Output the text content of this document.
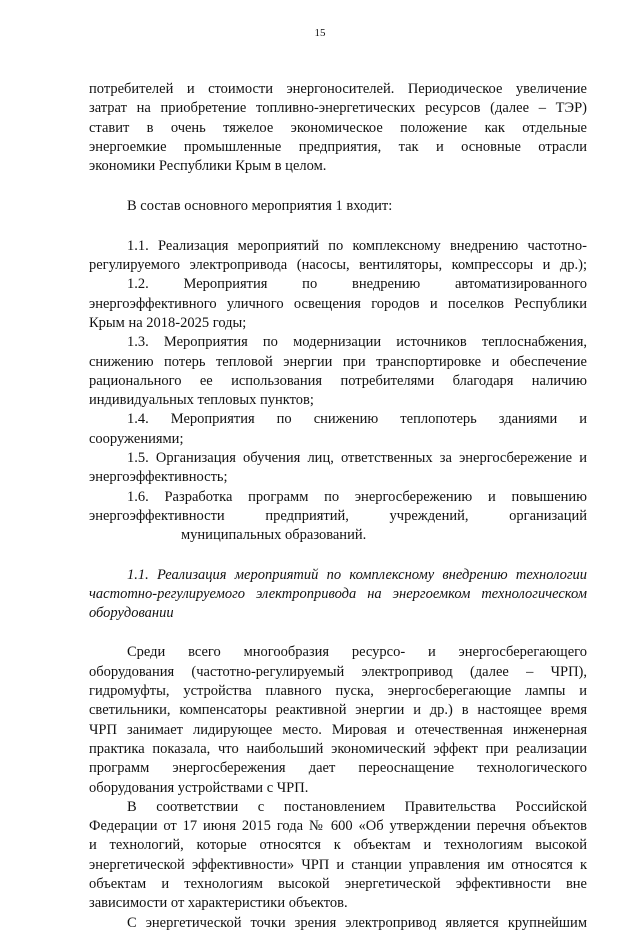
15

потребителей и стоимости энергоносителей. Периодическое увеличение

затрат на приобретение топливно-энергетических ресурсов (далее – ТЭР)

ставит в очень тяжелое экономическое положение как отдельные

энергоемкие промышленные предприятия, так и основные отрасли

экономики Республики Крым в целом.

В состав основного мероприятия 1 входит:

1.1. Реализация мероприятий по комплексному внедрению частотно-

регулируемого электропривода (насосы, вентиляторы, компрессоры и др.);

1.2. Мероприятия по внедрению автоматизированного

энергоэффективного уличного освещения городов и поселков Республики

Крым на 2018-2025 годы;

1.3. Мероприятия по модернизации источников теплоснабжения,

снижению потерь тепловой энергии при транспортировке и обеспечение

рационального ее использования потребителями благодаря наличию

индивидуальных тепловых пунктов;

1.4. Мероприятия по снижению теплопотерь зданиями и

сооружениями;

1.5. Организация обучения лиц, ответственных за энергосбережение и

энергоэффективность;

1.6. Разработка программ по энергосбережению и повышению

энергоэффективности предприятий, учреждений, организаций

муниципальных образований.

1.1. Реализация мероприятий по комплексному внедрению технологии

частотно-регулируемого электропривода на энергоемком технологическом

оборудовании

Среди всего многообразия ресурсо- и энергосберегающего

оборудования (частотно-регулируемый электропривод (далее – ЧРП),

гидромуфты, устройства плавного пуска, энергосберегающие лампы и

светильники, компенсаторы реактивной энергии и др.) в настоящее время

ЧРП занимает лидирующее место. Мировая и отечественная инженерная

практика показала, что наибольший экономический эффект при реализации

программ энергосбережения дает переоснащение технологического

оборудования устройствами с ЧРП.

В соответствии с постановлением Правительства Российской

Федерации от 17 июня 2015 года № 600 «Об утверждении перечня объектов

и технологий, которые относятся к объектам и технологиям высокой

энергетической эффективности» ЧРП и станции управления им относятся к

объектам и технологиям высокой энергетической эффективности вне

зависимости от характеристики объектов.

С энергетической точки зрения электропривод является крупнейшим
